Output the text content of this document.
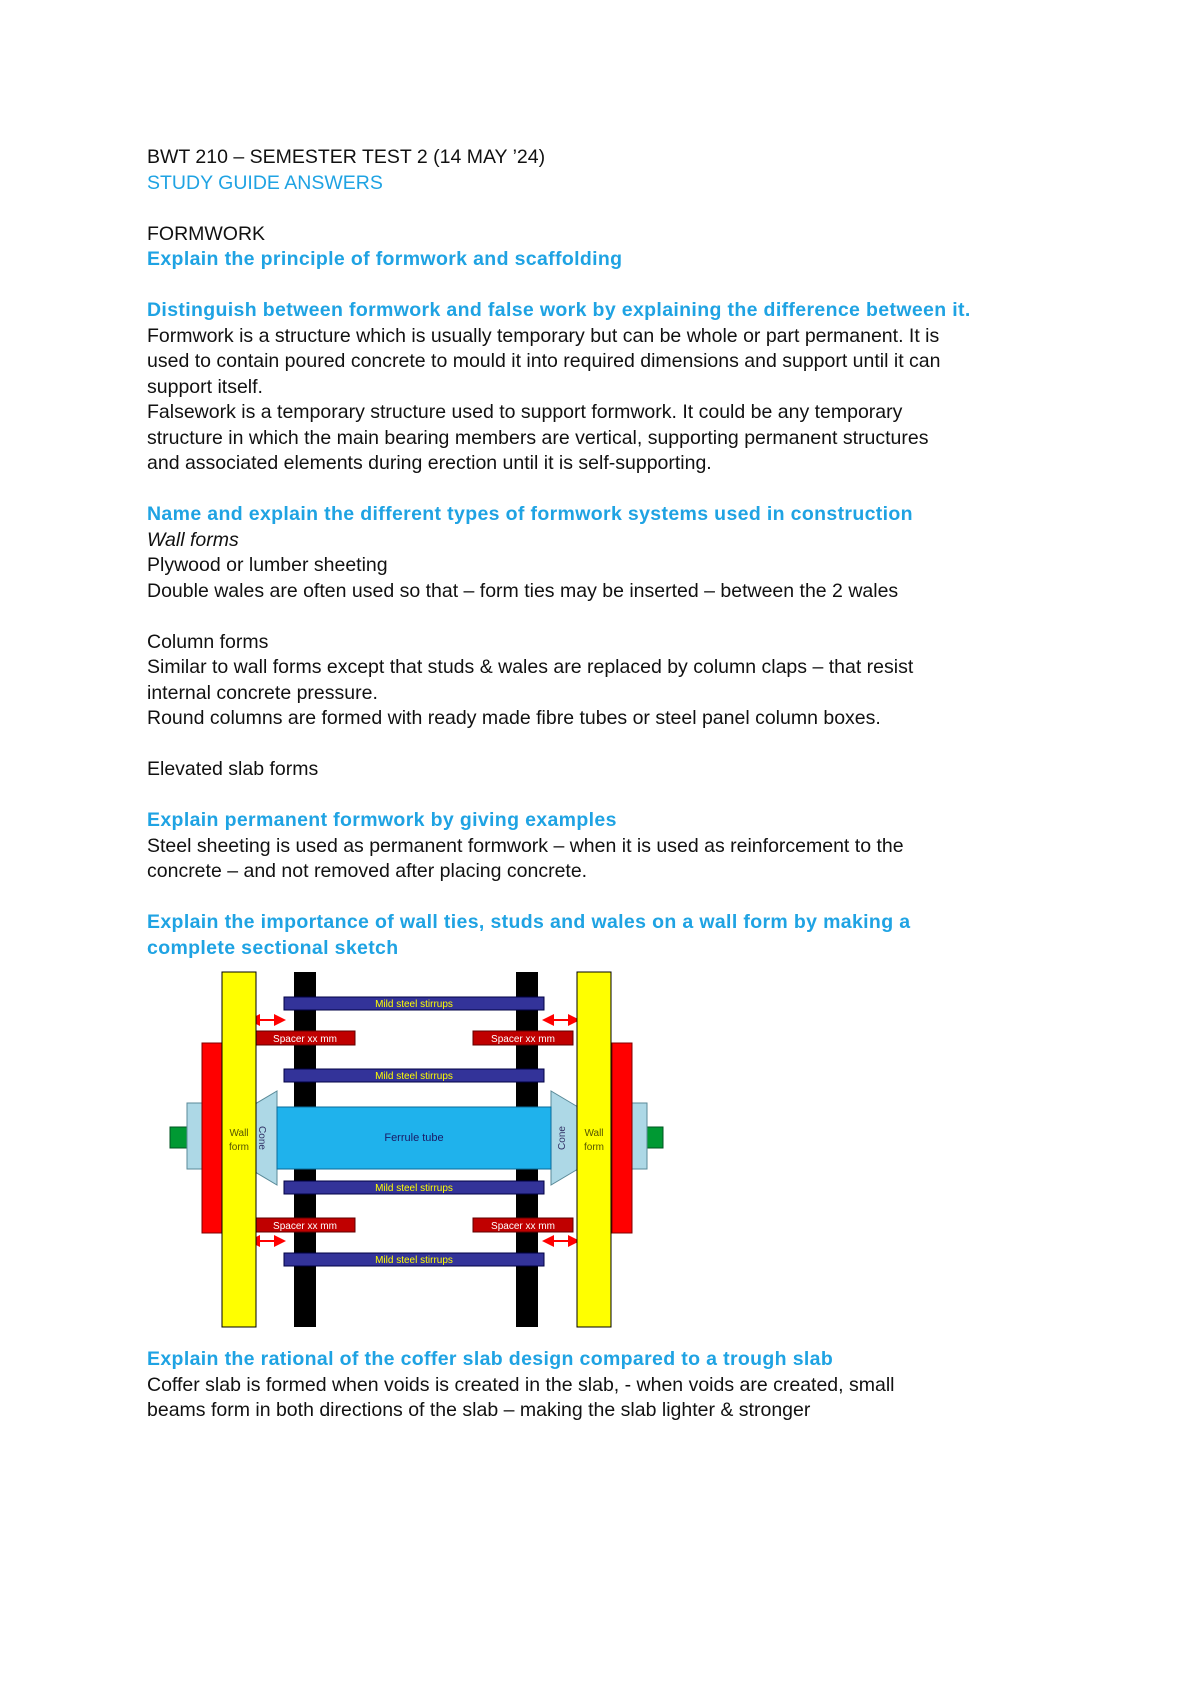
BWT 210 – SEMESTER TEST 2 (14 MAY ’24)

STUDY GUIDE ANSWERS

FORMWORK

Explain the principle of formwork and scaffolding

Distinguish between formwork and false work by explaining the difference between it.

Formwork is a structure which is usually temporary but can be whole or part permanent. It is

used to contain poured concrete to mould it into required dimensions and support until it can

support itself.

Falsework is a temporary structure used to support formwork. It could be any temporary

structure in which the main bearing members are vertical, supporting permanent structures

and associated elements during erection until it is self-supporting.

Name and explain the different types of formwork systems used in construction

Wall forms

Plywood or lumber sheeting

Double wales are often used so that – form ties may be inserted – between the 2 wales

Column forms

Similar to wall forms except that studs & wales are replaced by column claps – that resist

internal concrete pressure.

Round columns are formed with ready made fibre tubes or steel panel column boxes.

Elevated slab forms

Explain permanent formwork by giving examples

Steel sheeting is used as permanent formwork – when it is used as reinforcement to the

concrete – and not removed after placing concrete.

Explain the importance of wall ties, studs and wales on a wall form by making a

complete sectional sketch

Mild steel stirrups
Mild steel stirrups
Mild steel stirrups
Mild steel stirrups
Spacer xx mm	Spacer xx mm
Spacer xx mm	Spacer xx mm
Cone	Cone
Ferrule tube
Wall
form
Wall
form

Explain the rational of the coffer slab design compared to a trough slab

Coffer slab is formed when voids is created in the slab, - when voids are created, small

beams form in both directions of the slab – making the slab lighter & stronger
